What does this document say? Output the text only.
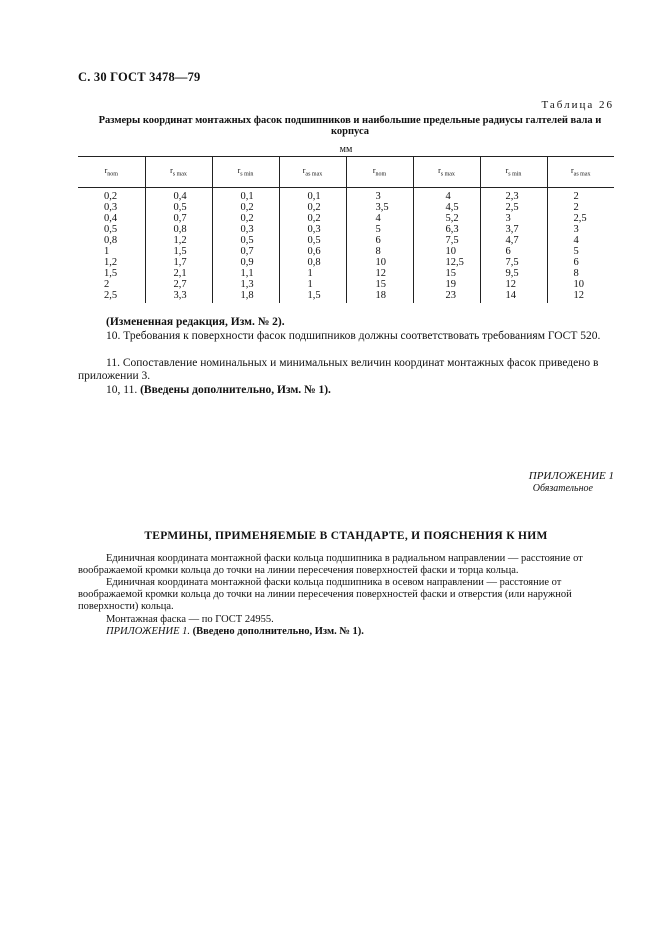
С. 30 ГОСТ 3478—79
Таблица 26
Размеры координат монтажных фасок подшипников и наибольшие предельные радиусы галтелей вала и корпуса
мм
$r_{nom}$	$r_{s max}$	$r_{s min}$	$r_{as max}$	$r_{nom}$	$r_{s max}$	$r_{s min}$	$r_{as max}$
0,2	0,4	0,1	0,1	3	4	2,3	2
0,3	0,5	0,2	0,2	3,5	4,5	2,5	2
0,4	0,7	0,2	0,2	4	5,2	3	2,5
0,5	0,8	0,3	0,3	5	6,3	3,7	3
0,8	1,2	0,5	0,5	6	7,5	4,7	4
1	1,5	0,7	0,6	8	10	6	5
1,2	1,7	0,9	0,8	10	12,5	7,5	6
1,5	2,1	1,1	1	12	15	9,5	8
2	2,7	1,3	1	15	19	12	10
2,5	3,3	1,8	1,5	18	23	14	12
(Измененная редакция, Изм. № 2).
10. Требования к поверхности фасок подшипников должны соответствовать требованиям ГОСТ 520.
11. Сопоставление номинальных и минимальных величин координат монтажных фасок приведено в приложении 3.
10, 11. (Введены дополнительно, Изм. № 1).
ПРИЛОЖЕНИЕ 1
Обязательное
ТЕРМИНЫ, ПРИМЕНЯЕМЫЕ В СТАНДАРТЕ, И ПОЯСНЕНИЯ К НИМ
Единичная координата монтажной фаски кольца подшипника в радиальном направлении — расстояние от воображаемой кромки кольца до точки на линии пересечения поверхностей фаски и торца кольца.
Единичная координата монтажной фаски кольца подшипника в осевом направлении — расстояние от воображаемой кромки кольца до точки на линии пересечения поверхностей фаски и отверстия (или наружной поверхности) кольца.
Монтажная фаска — по ГОСТ 24955.
ПРИЛОЖЕНИЕ 1. (Введено дополнительно, Изм. № 1).
